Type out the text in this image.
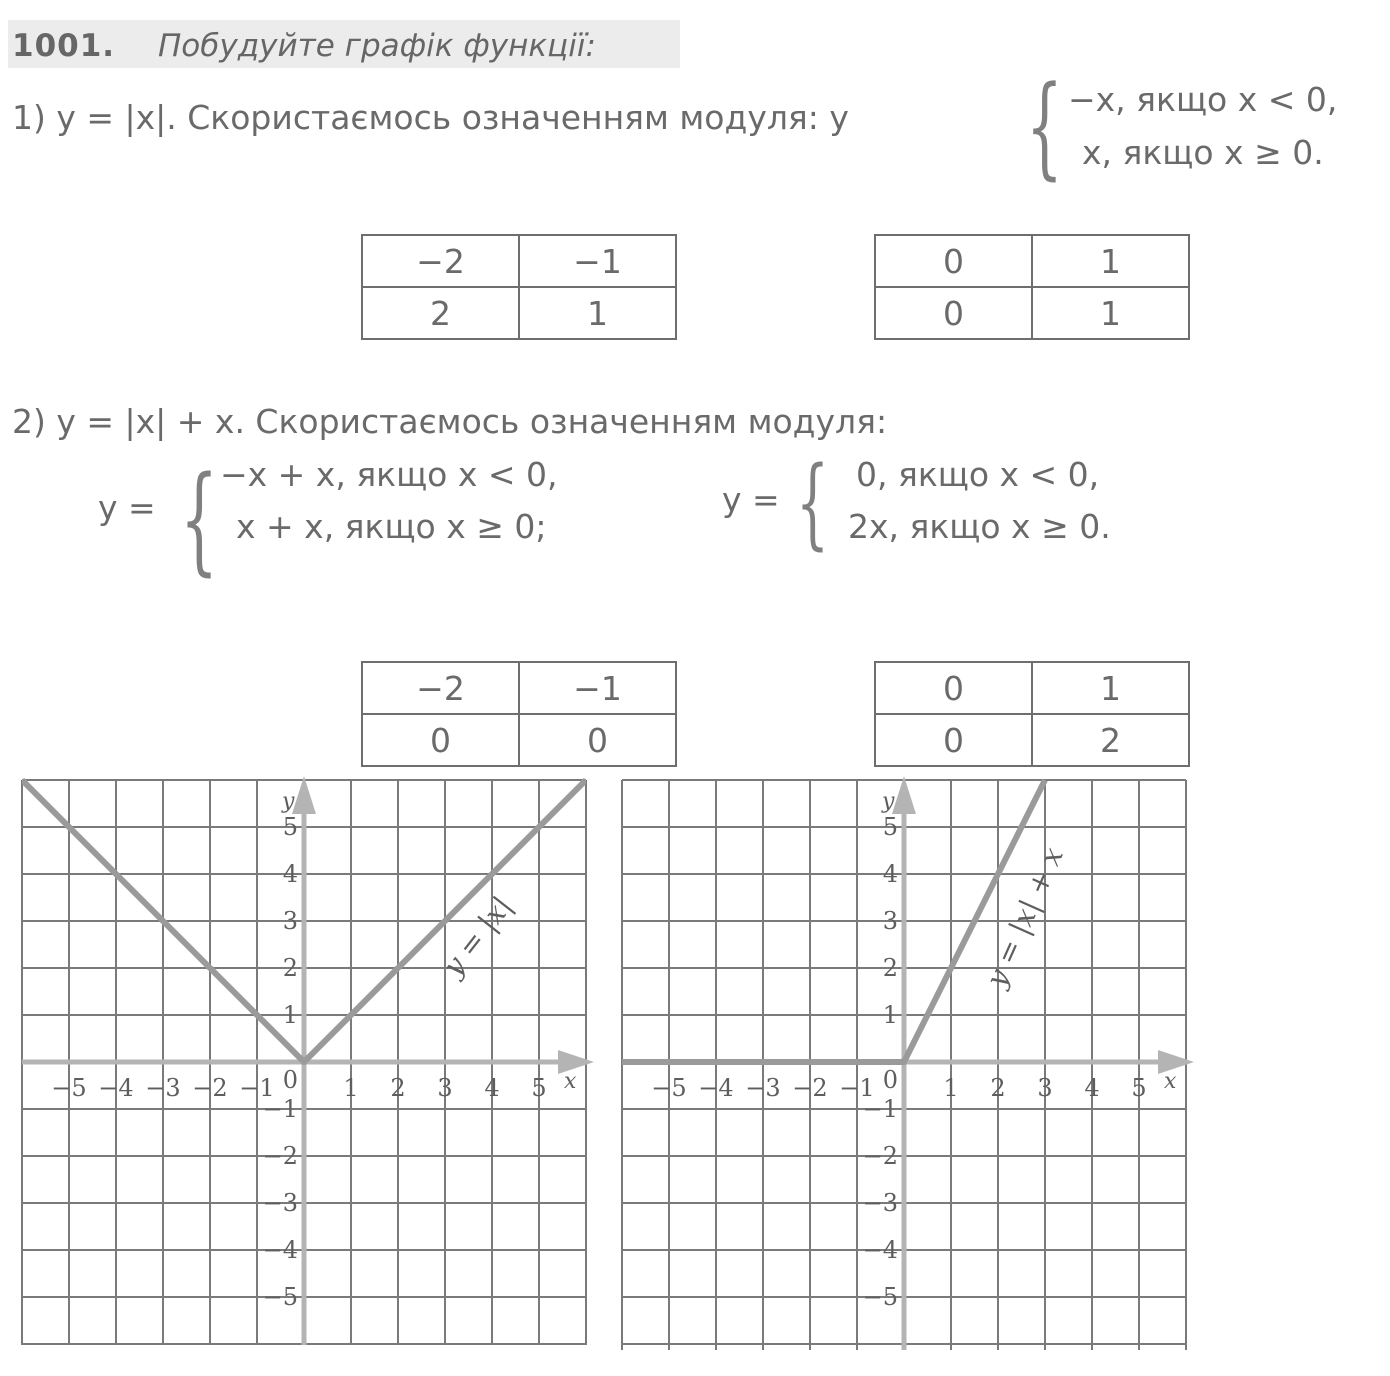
1001. Побудуйте графік функції:
1) y = |x|. Скористаємось означенням модуля: y	{ −x, якщо x < 0,
x, якщо x ≥ 0.
−2	−1
2	1
0	1
0	1
2) y = |x| + x. Скористаємось означенням модуля:
y = { −x + x, якщо x < 0,
x + x, якщо x ≥ 0;
y = { 0, якщо x < 0,
2x, якщо x ≥ 0.
−2	−1
0	0
0	1
0	2
−5 −4 −3 −2 −1	1 2 3 4 5
5
4
3
2
1
−1
−2
−3
−4
−5
0	x
y
y = |x|
−5 −4 −3 −2 −1	1 2 3 4 5
5
4
3
2
1
−1
−2
−3
−4
−5
0	x
y
y = |x| + x
